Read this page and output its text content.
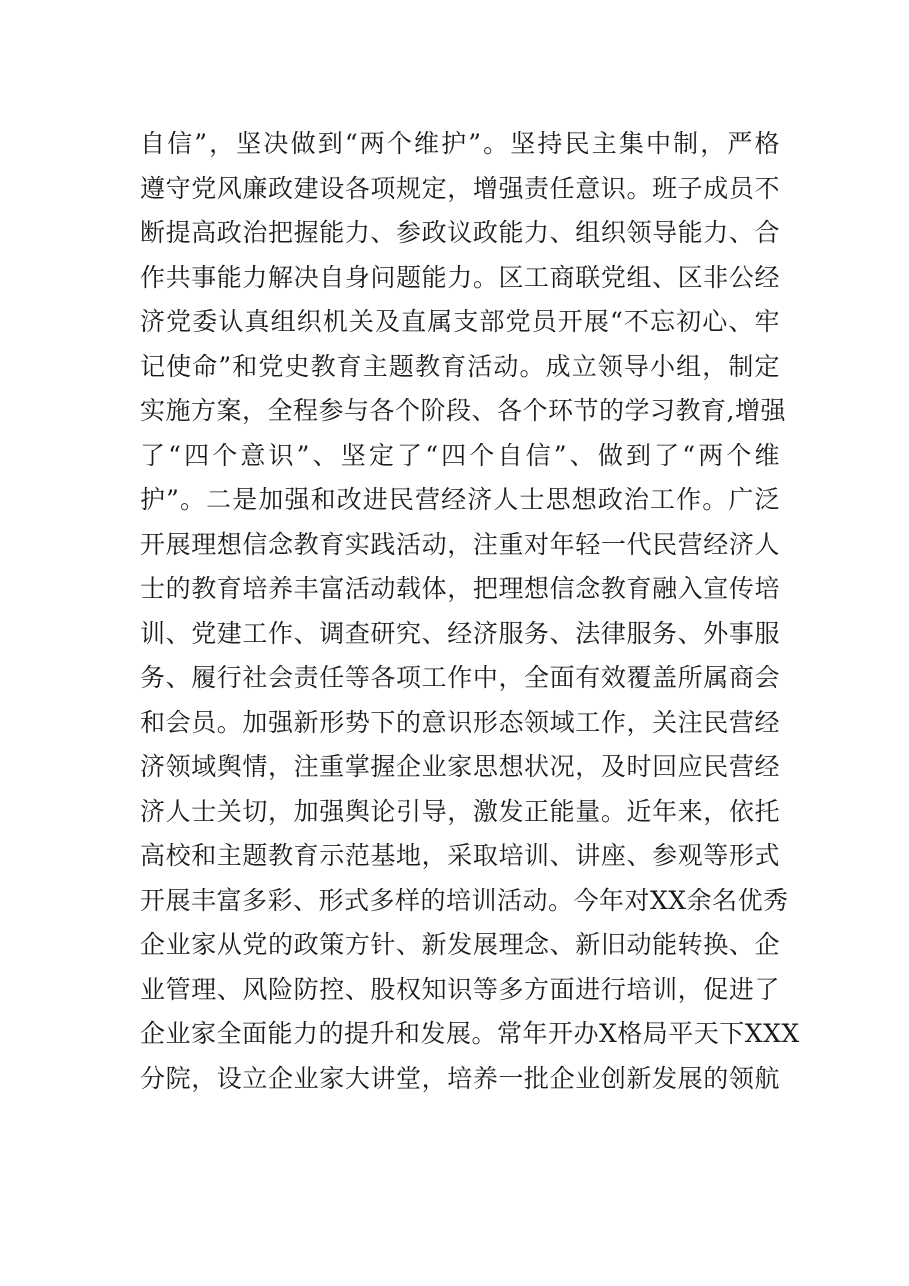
自信”，坚决做到“两个维护”。坚持民主集中制，严格
遵守党风廉政建设各项规定，增强责任意识。班子成员不
断提高政治把握能力、参政议政能力、组织领导能力、合
作共事能力解决自身问题能力。区工商联党组、区非公经
济党委认真组织机关及直属支部党员开展“不忘初心、牢
记使命”和党史教育主题教育活动。成立领导小组，制定
实施方案，全程参与各个阶段、各个环节的学习教育,增强
了“四个意识”、坚定了“四个自信”、做到了“两个维
护”。二是加强和改进民营经济人士思想政治工作。广泛
开展理想信念教育实践活动，注重对年轻一代民营经济人
士的教育培养丰富活动载体，把理想信念教育融入宣传培
训、党建工作、调查研究、经济服务、法律服务、外事服
务、履行社会责任等各项工作中，全面有效覆盖所属商会
和会员。加强新形势下的意识形态领域工作，关注民营经
济领域舆情，注重掌握企业家思想状况，及时回应民营经
济人士关切，加强舆论引导，激发正能量。近年来，依托
高校和主题教育示范基地，采取培训、讲座、参观等形式
开展丰富多彩、形式多样的培训活动。今年对XX余名优秀
企业家从党的政策方针、新发展理念、新旧动能转换、企
业管理、风险防控、股权知识等多方面进行培训，促进了
企业家全面能力的提升和发展。常年开办X格局平天下XXX
分院，设立企业家大讲堂，培养一批企业创新发展的领航
